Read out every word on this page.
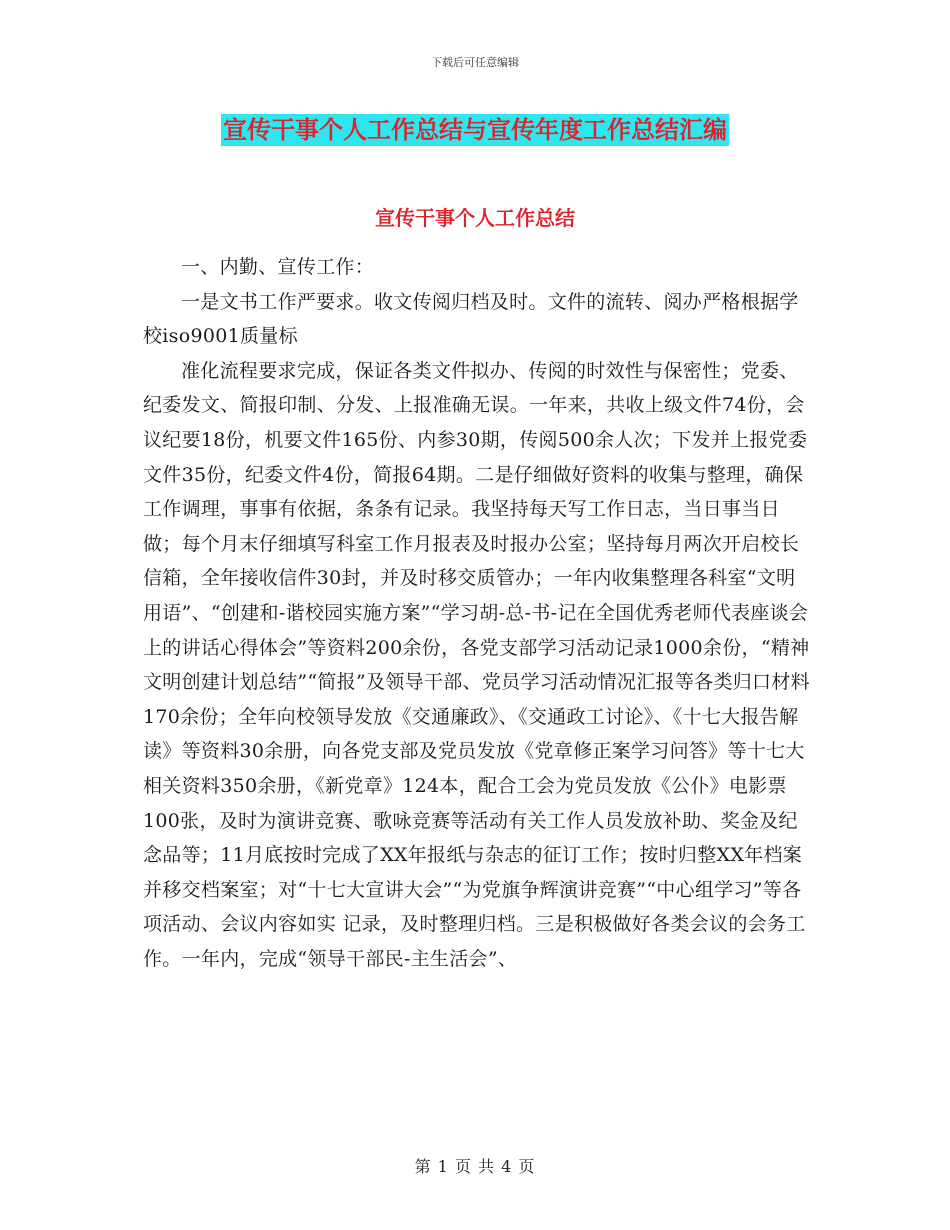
下载后可任意编辑
宣传干事个人工作总结与宣传年度工作总结汇编
宣传干事个人工作总结

一、内勤、宣传工作：

一是文书工作严要求。收文传阅归档及时。文件的流转、阅办严格根据学校iso9001质量标

准化流程要求完成，保证各类文件拟办、传阅的时效性与保密性；党委、纪委发文、简报印制、分发、上报准确无误。一年来，共收上级文件74份，会议纪要18份，机要文件165份、内参30期，传阅500余人次；下发并上报党委文件35份，纪委文件4份，简报64期。二是仔细做好资料的收集与整理，确保工作调理，事事有依据，条条有记录。我坚持每天写工作日志，当日事当日做；每个月末仔细填写科室工作月报表及时报办公室；坚持每月两次开启校长信箱，全年接收信件30封，并及时移交质管办；一年内收集整理各科室“文明用语”、“创建和-谐校园实施方案”“学习胡-总-书-记在全国优秀老师代表座谈会上的讲话心得体会”等资料200余份，各党支部学习活动记录1000余份，“精神文明创建计划总结”“简报”及领导干部、党员学习活动情况汇报等各类归口材料170余份；全年向校领导发放《交通廉政》、《交通政工讨论》、《十七大报告解读》等资料30余册，向各党支部及党员发放《党章修正案学习问答》等十七大相关资料350余册，《新党章》124本，配合工会为党员发放《公仆》电影票100张，及时为演讲竞赛、歌咏竞赛等活动有关工作人员发放补助、奖金及纪念品等；11月底按时完成了XX年报纸与杂志的征订工作；按时归整XX年档案并移交档案室；对“十七大宣讲大会”“为党旗争辉演讲竞赛”“中心组学习”等各项活动、会议内容如实 记录，及时整理归档。三是积极做好各类会议的会务工作。一年内，完成“领导干部民-主生活会”、

第 1 页 共 4 页
